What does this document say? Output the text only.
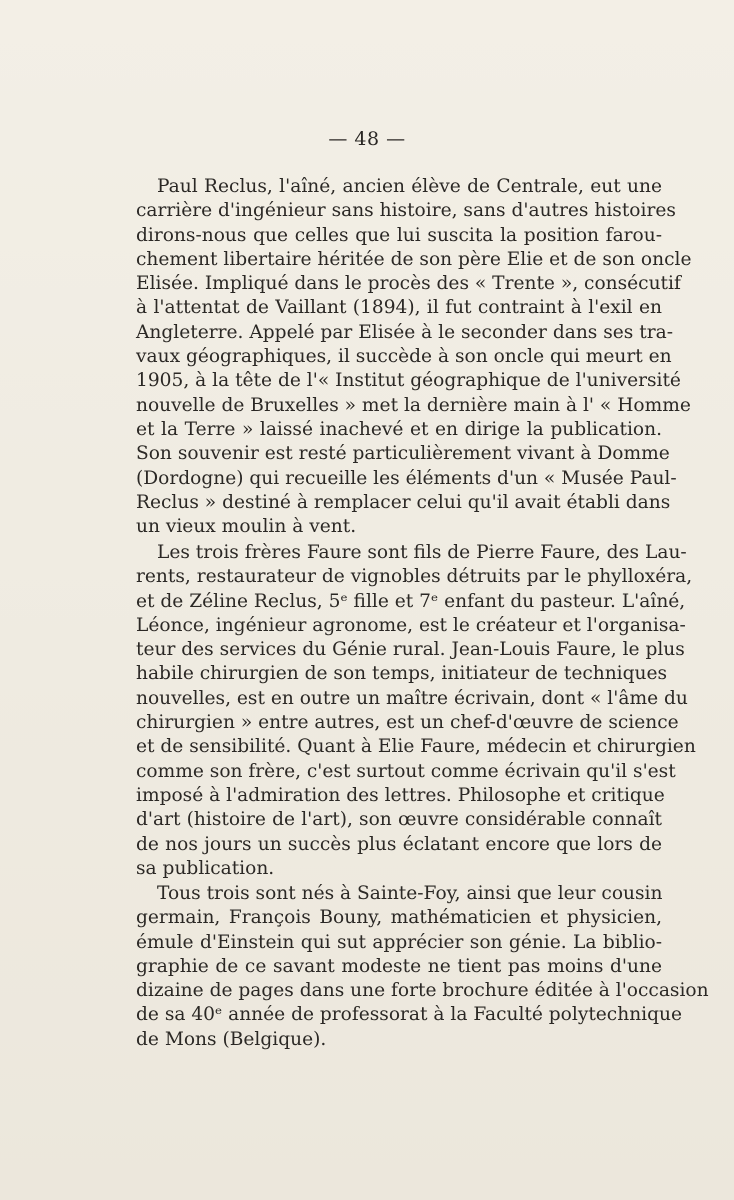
— 48 —
Paul Reclus, l'aîné, ancien élève de Centrale, eut une
carrière d'ingénieur sans histoire, sans d'autres histoires
dirons-nous que celles que lui suscita la position farou-
chement libertaire héritée de son père Elie et de son oncle
Elisée. Impliqué dans le procès des « Trente », consécutif
à l'attentat de Vaillant (1894), il fut contraint à l'exil en
Angleterre. Appelé par Elisée à le seconder dans ses tra-
vaux géographiques, il succède à son oncle qui meurt en
1905, à la tête de l'« Institut géographique de l'université
nouvelle de Bruxelles » met la dernière main à l' « Homme
et la Terre » laissé inachevé et en dirige la publication.
Son souvenir est resté particulièrement vivant à Domme
(Dordogne) qui recueille les éléments d'un « Musée Paul-
Reclus » destiné à remplacer celui qu'il avait établi dans
un vieux moulin à vent.
Les trois frères Faure sont fils de Pierre Faure, des Lau-
rents, restaurateur de vignobles détruits par le phylloxéra,
et de Zéline Reclus, 5ᵉ fille et 7ᵉ enfant du pasteur. L'aîné,
Léonce, ingénieur agronome, est le créateur et l'organisa-
teur des services du Génie rural. Jean-Louis Faure, le plus
habile chirurgien de son temps, initiateur de techniques
nouvelles, est en outre un maître écrivain, dont « l'âme du
chirurgien » entre autres, est un chef-d'œuvre de science
et de sensibilité. Quant à Elie Faure, médecin et chirurgien
comme son frère, c'est surtout comme écrivain qu'il s'est
imposé à l'admiration des lettres. Philosophe et critique
d'art (histoire de l'art), son œuvre considérable connaît
de nos jours un succès plus éclatant encore que lors de
sa publication.
Tous trois sont nés à Sainte-Foy, ainsi que leur cousin
germain, François Bouny, mathématicien et physicien,
émule d'Einstein qui sut apprécier son génie. La biblio-
graphie de ce savant modeste ne tient pas moins d'une
dizaine de pages dans une forte brochure éditée à l'occasion
de sa 40ᵉ année de professorat à la Faculté polytechnique
de Mons (Belgique).
